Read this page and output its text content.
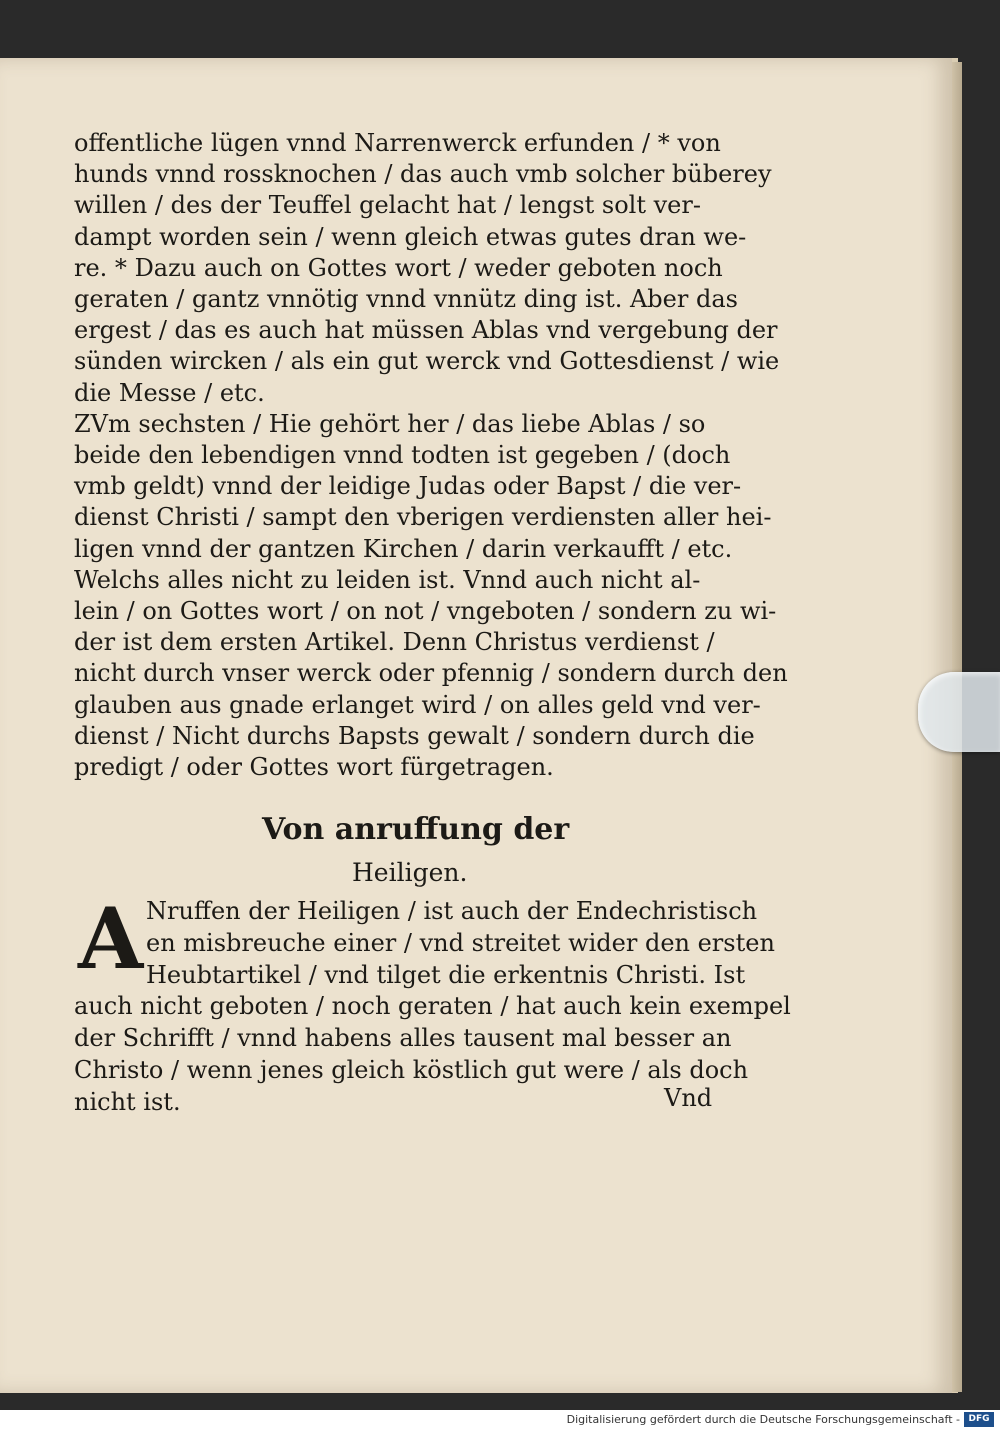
offentliche lügen vnnd Narrenwerck erfunden / * von
hunds vnnd rossknochen / das auch vmb solcher büberey
willen / des der Teuffel gelacht hat / lengst solt ver-
dampt worden sein / wenn gleich etwas gutes dran we-
re. * Dazu auch on Gottes wort / weder geboten noch
geraten / gantz vnnötig vnnd vnnütz ding ist. Aber das
ergest / das es auch hat müssen Ablas vnd vergebung der
sünden wircken / als ein gut werck vnd Gottesdienst / wie
die Messe / etc.
ZVm sechsten / Hie gehört her / das liebe Ablas / so
beide den lebendigen vnnd todten ist gegeben / (doch
vmb geldt) vnnd der leidige Judas oder Bapst / die ver-
dienst Christi / sampt den vberigen verdiensten aller hei-
ligen vnnd der gantzen Kirchen / darin verkaufft / etc.
Welchs alles nicht zu leiden ist. Vnnd auch nicht al-
lein / on Gottes wort / on not / vngeboten / sondern zu wi-
der ist dem ersten Artikel. Denn Christus verdienst /
nicht durch vnser werck oder pfennig / sondern durch den
glauben aus gnade erlanget wird / on alles geld vnd ver-
dienst / Nicht durchs Bapsts gewalt / sondern durch die
predigt / oder Gottes wort fürgetragen.
Von anruffung der
Heiligen.
A Nruffen der Heiligen / ist auch der Endechristisch
en misbreuche einer / vnd streitet wider den ersten
Heubtartikel / vnd tilget die erkentnis Christi. Ist
auch nicht geboten / noch geraten / hat auch kein exempel
der Schrifft / vnnd habens alles tausent mal besser an
Christo / wenn jenes gleich köstlich gut were / als doch
nicht ist.	Vnd
Digitalisierung gefördert durch die Deutsche Forschungsgemeinschaft - DFG
